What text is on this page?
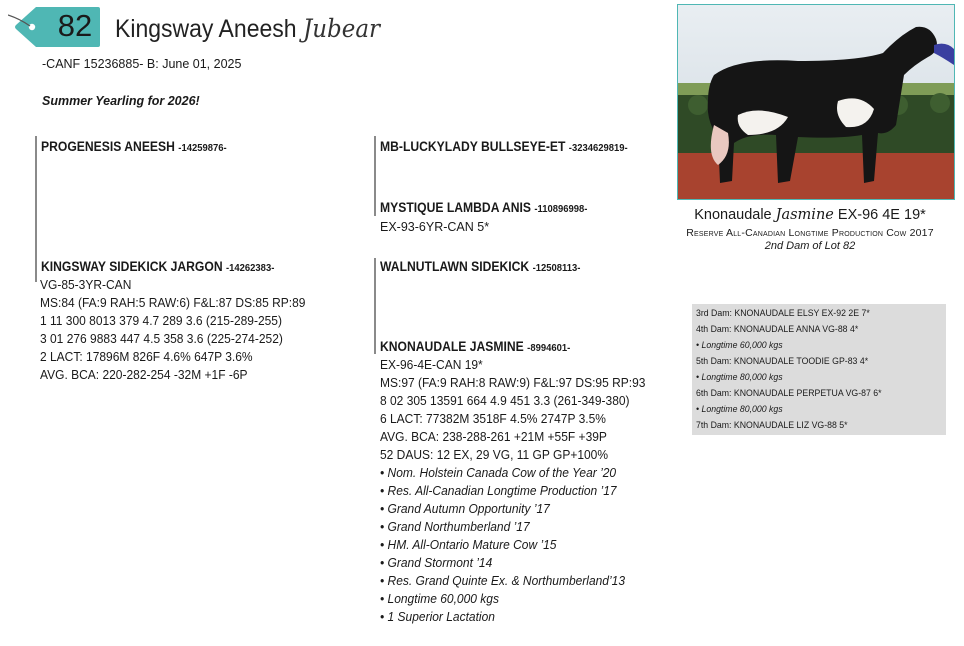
82 Kingsway Aneesh Jubear
-CANF 15236885- B: June 01, 2025
Summer Yearling for 2026!
PROGENESIS ANEESH -14259876-	MB-LUCKYLADY BULLSEYE-ET -3234629819-
MYSTIQUE LAMBDA ANIS -110896998-
EX-93-6YR-CAN 5*
KINGSWAY SIDEKICK JARGON -14262383-
VG-85-3YR-CAN
MS:84 (FA:9 RAH:5 RAW:6) F&L:87 DS:85 RP:89
1 11 300 8013 379 4.7 289 3.6 (215-289-255)
3 01 276 9883 447 4.5 358 3.6 (225-274-252)
2 LACT: 17896M 826F 4.6% 647P 3.6%
AVG. BCA: 220-282-254 -32M +1F -6P
WALNUTLAWN SIDEKICK -12508113-
KNONAUDALE JASMINE -8994601-
EX-96-4E-CAN 19*
MS:97 (FA:9 RAH:8 RAW:9) F&L:97 DS:95 RP:93
8 02 305 13591 664 4.9 451 3.3 (261-349-380)
6 LACT: 77382M 3518F 4.5% 2747P 3.5%
AVG. BCA: 238-288-261 +21M +55F +39P
52 DAUS: 12 EX, 29 VG, 11 GP GP+100%
• Nom. Holstein Canada Cow of the Year ’20
• Res. All-Canadian Longtime Production ’17
• Grand Autumn Opportunity ’17
• Grand Northumberland ’17
• HM. All-Ontario Mature Cow ’15
• Grand Stormont ’14
• Res. Grand Quinte Ex. & Northumberland’13
• Longtime 60,000 kgs
• 1 Superior Lactation
Knonaudale Jasmine EX-96 4E 19*
Reserve All-Canadian Longtime Production Cow 2017
2nd Dam of Lot 82
3rd Dam: KNONAUDALE ELSY EX-92 2E 7*
4th Dam: KNONAUDALE ANNA VG-88 4*
• Longtime 60,000 kgs
5th Dam: KNONAUDALE TOODIE GP-83 4*
• Longtime 80,000 kgs
6th Dam: KNONAUDALE PERPETUA VG-87 6*
• Longtime 80,000 kgs
7th Dam: KNONAUDALE LIZ VG-88 5*
